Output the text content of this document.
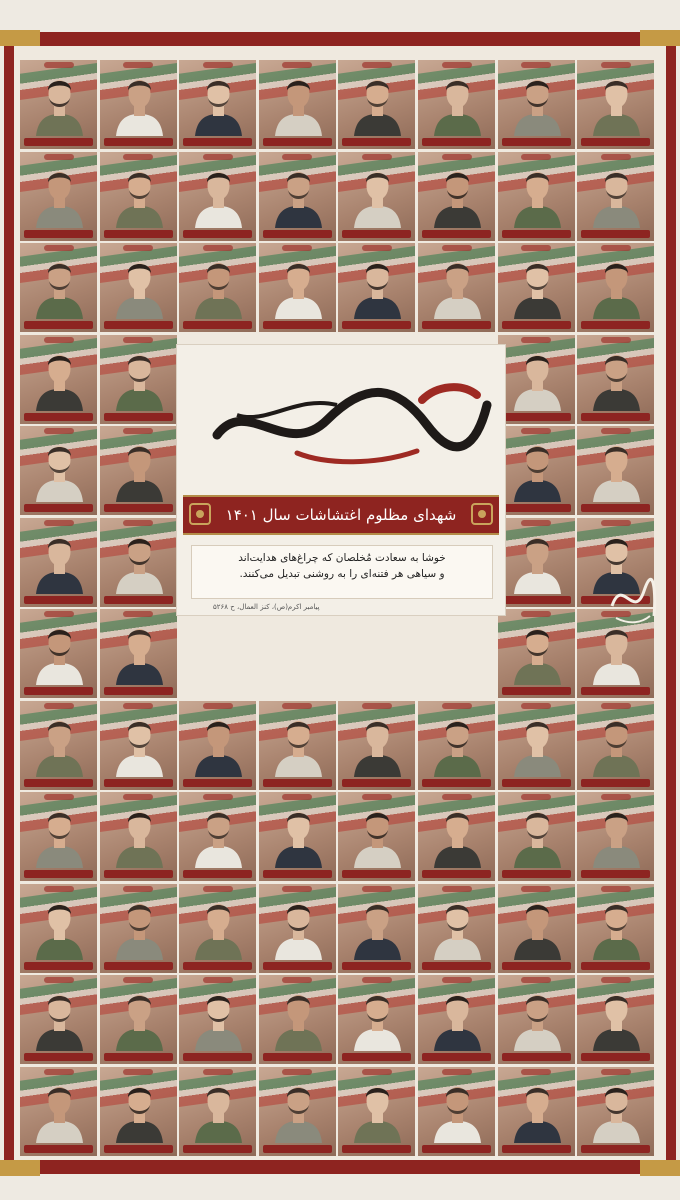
شهید زمانه خویش باش
شهدای مظلوم اغتشاشات سال ۱۴۰۱
خوشا به سعادت مُخلصان که چراغ‌های هدایت‌اند
و سیاهی هر فتنه‌ای را به روشنی تبدیل می‌کنند.
پیامبر اکرم(ص)، کنز العمال، ح ۵۲۶۸
